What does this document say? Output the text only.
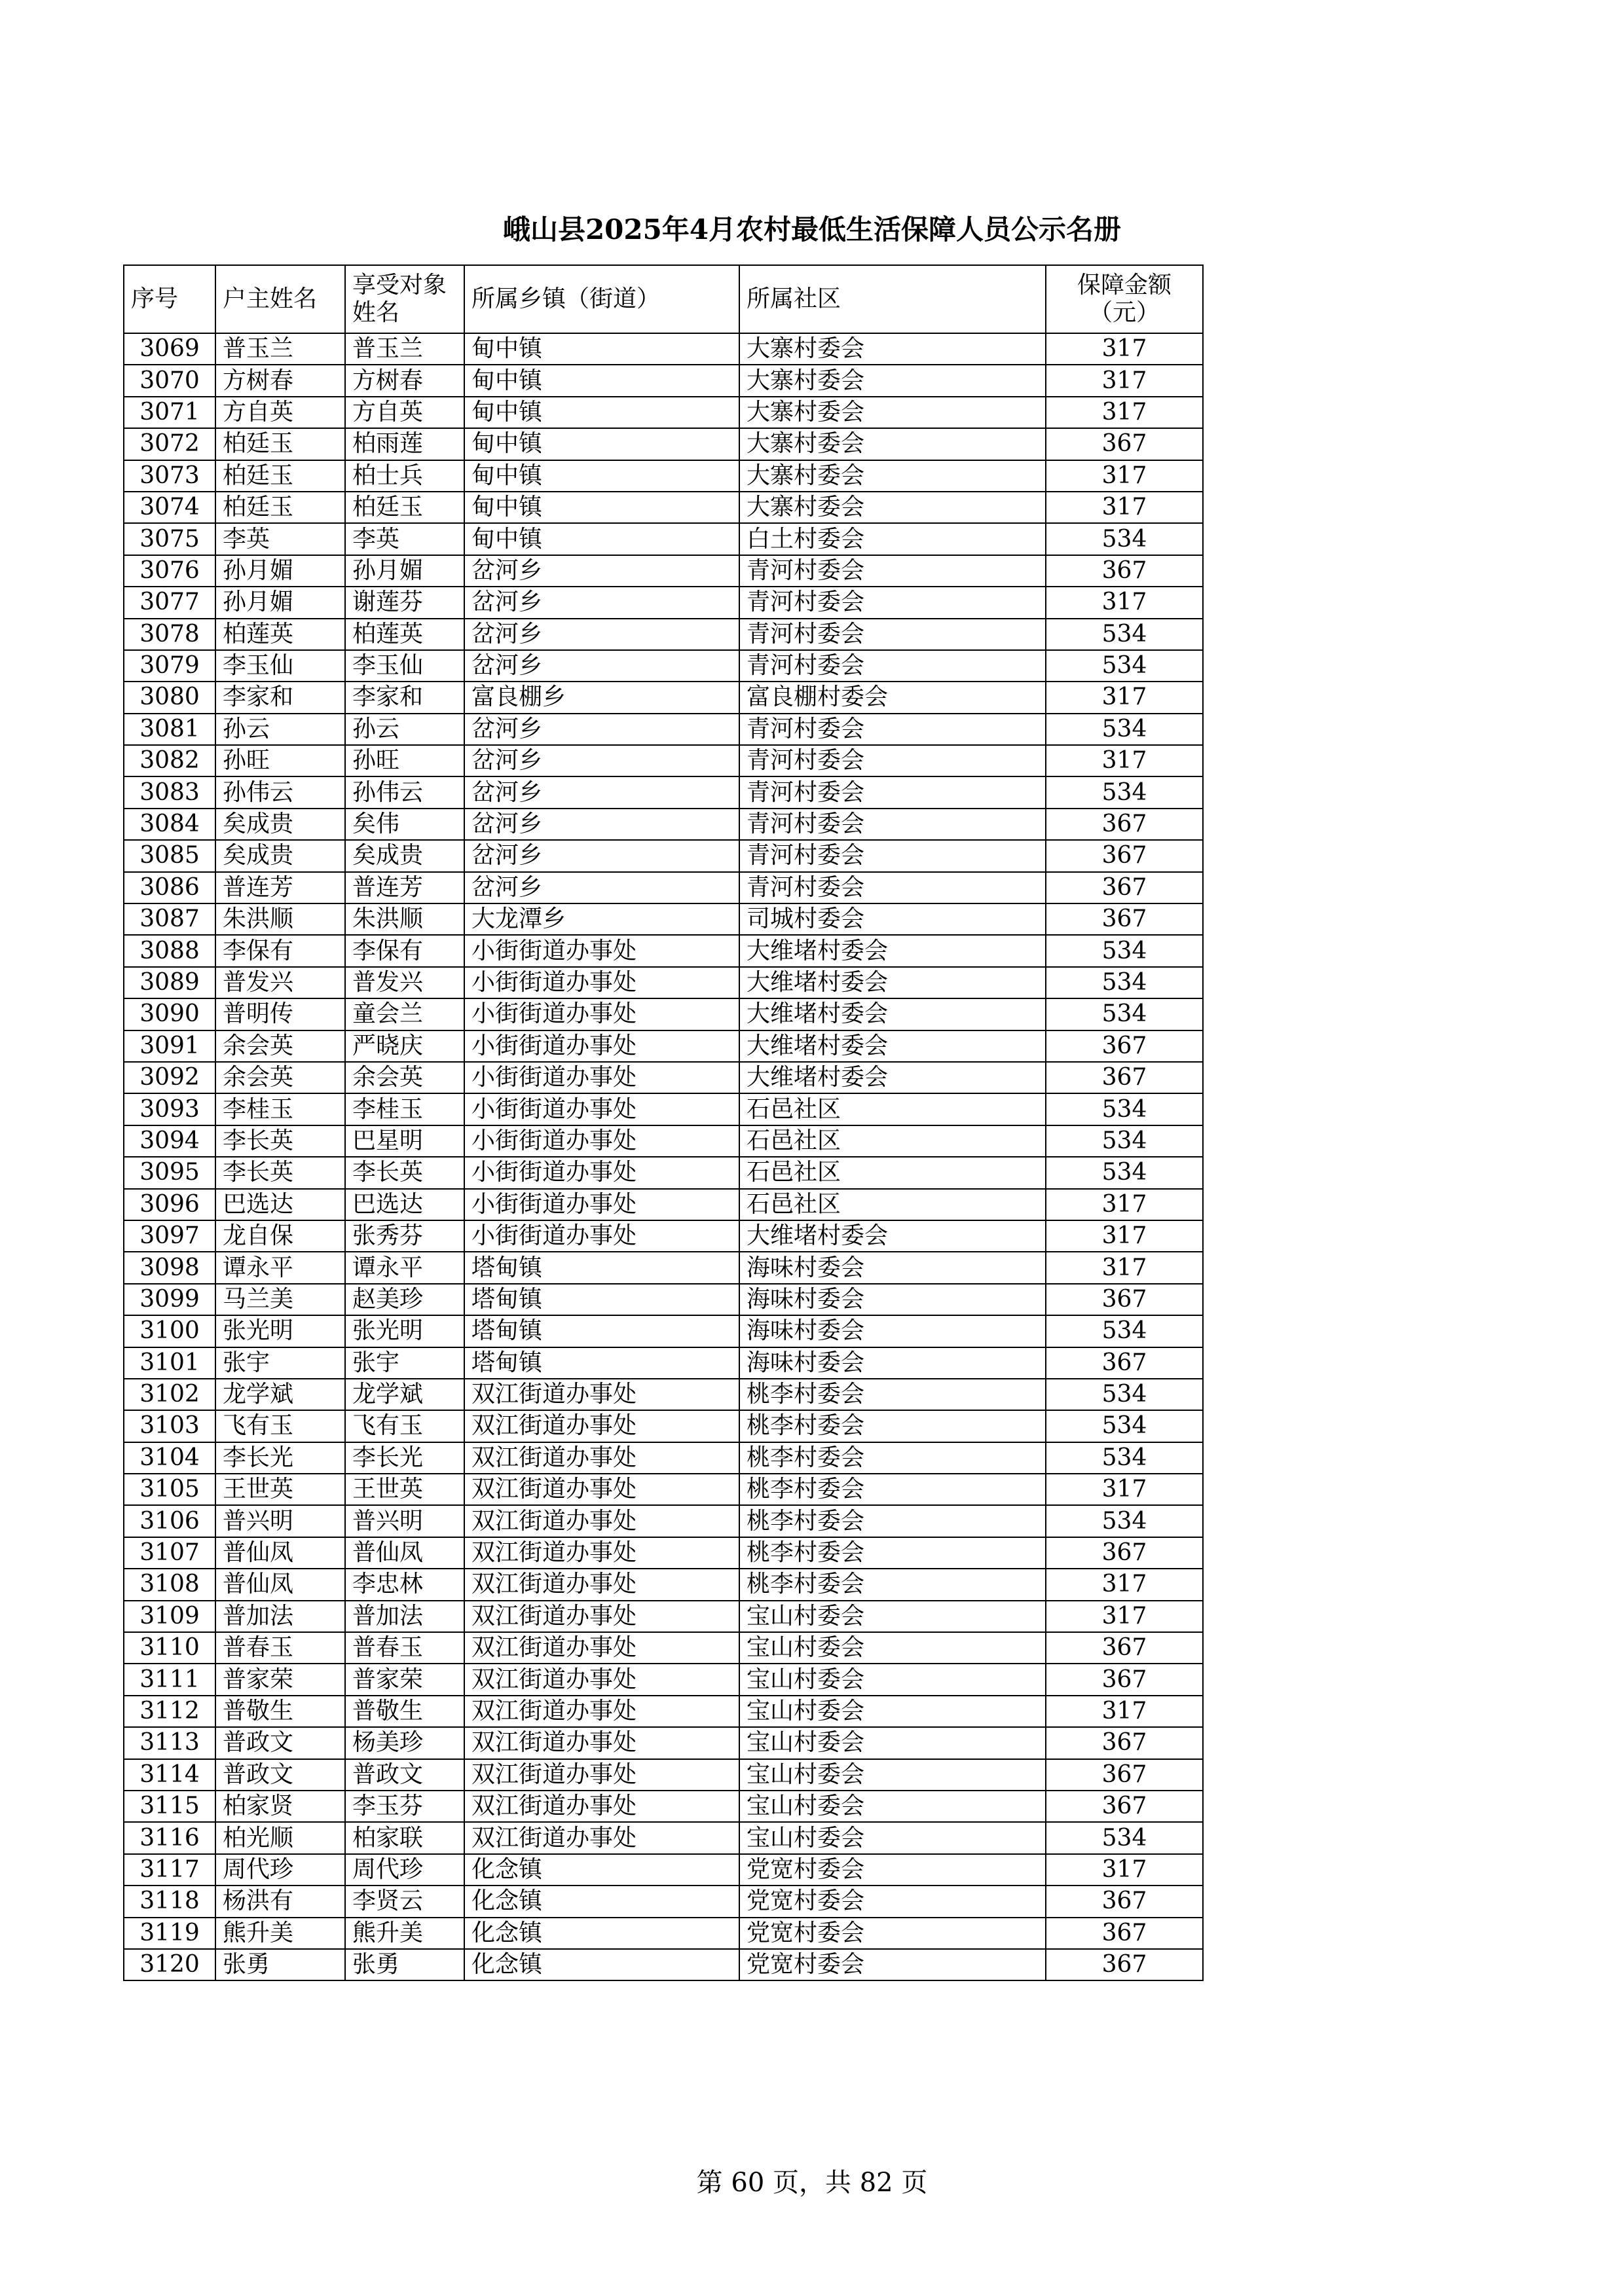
峨山县2025年4月农村最低生活保障人员公示名册
序号	户主姓名	享受对象姓名	所属乡镇（街道）	所属社区	保障金额（元）
3069	普玉兰	普玉兰	甸中镇	大寨村委会	317
3070	方树春	方树春	甸中镇	大寨村委会	317
3071	方自英	方自英	甸中镇	大寨村委会	317
3072	柏廷玉	柏雨莲	甸中镇	大寨村委会	367
3073	柏廷玉	柏士兵	甸中镇	大寨村委会	317
3074	柏廷玉	柏廷玉	甸中镇	大寨村委会	317
3075	李英	李英	甸中镇	白土村委会	534
3076	孙月媚	孙月媚	岔河乡	青河村委会	367
3077	孙月媚	谢莲芬	岔河乡	青河村委会	317
3078	柏莲英	柏莲英	岔河乡	青河村委会	534
3079	李玉仙	李玉仙	岔河乡	青河村委会	534
3080	李家和	李家和	富良棚乡	富良棚村委会	317
3081	孙云	孙云	岔河乡	青河村委会	534
3082	孙旺	孙旺	岔河乡	青河村委会	317
3083	孙伟云	孙伟云	岔河乡	青河村委会	534
3084	矣成贵	矣伟	岔河乡	青河村委会	367
3085	矣成贵	矣成贵	岔河乡	青河村委会	367
3086	普连芳	普连芳	岔河乡	青河村委会	367
3087	朱洪顺	朱洪顺	大龙潭乡	司城村委会	367
3088	李保有	李保有	小街街道办事处	大维堵村委会	534
3089	普发兴	普发兴	小街街道办事处	大维堵村委会	534
3090	普明传	童会兰	小街街道办事处	大维堵村委会	534
3091	余会英	严晓庆	小街街道办事处	大维堵村委会	367
3092	余会英	余会英	小街街道办事处	大维堵村委会	367
3093	李桂玉	李桂玉	小街街道办事处	石邑社区	534
3094	李长英	巴星明	小街街道办事处	石邑社区	534
3095	李长英	李长英	小街街道办事处	石邑社区	534
3096	巴选达	巴选达	小街街道办事处	石邑社区	317
3097	龙自保	张秀芬	小街街道办事处	大维堵村委会	317
3098	谭永平	谭永平	塔甸镇	海味村委会	317
3099	马兰美	赵美珍	塔甸镇	海味村委会	367
3100	张光明	张光明	塔甸镇	海味村委会	534
3101	张宇	张宇	塔甸镇	海味村委会	367
3102	龙学斌	龙学斌	双江街道办事处	桃李村委会	534
3103	飞有玉	飞有玉	双江街道办事处	桃李村委会	534
3104	李长光	李长光	双江街道办事处	桃李村委会	534
3105	王世英	王世英	双江街道办事处	桃李村委会	317
3106	普兴明	普兴明	双江街道办事处	桃李村委会	534
3107	普仙凤	普仙凤	双江街道办事处	桃李村委会	367
3108	普仙凤	李忠林	双江街道办事处	桃李村委会	317
3109	普加法	普加法	双江街道办事处	宝山村委会	317
3110	普春玉	普春玉	双江街道办事处	宝山村委会	367
3111	普家荣	普家荣	双江街道办事处	宝山村委会	367
3112	普敬生	普敬生	双江街道办事处	宝山村委会	317
3113	普政文	杨美珍	双江街道办事处	宝山村委会	367
3114	普政文	普政文	双江街道办事处	宝山村委会	367
3115	柏家贤	李玉芬	双江街道办事处	宝山村委会	367
3116	柏光顺	柏家联	双江街道办事处	宝山村委会	534
3117	周代珍	周代珍	化念镇	党宽村委会	317
3118	杨洪有	李贤云	化念镇	党宽村委会	367
3119	熊升美	熊升美	化念镇	党宽村委会	367
3120	张勇	张勇	化念镇	党宽村委会	367
第 60 页，共 82 页
